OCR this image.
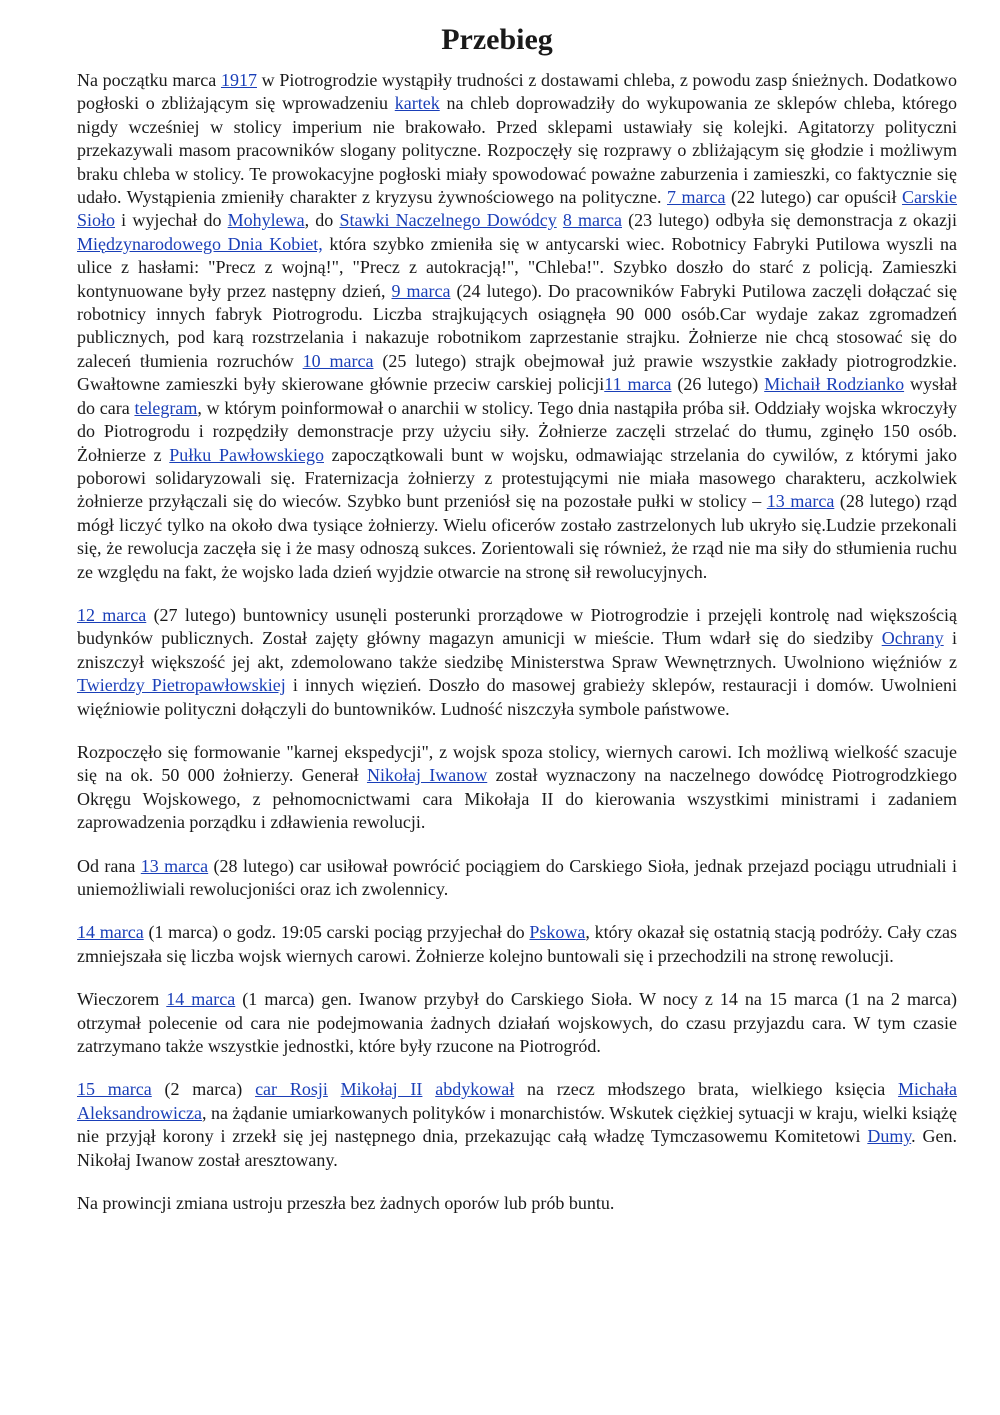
Przebieg

Na początku marca 1917 w Piotrogrodzie wystąpiły trudności z dostawami chleba, z powodu zasp śnieżnych. Dodatkowo pogłoski o zbliżającym się wprowadzeniu kartek na chleb doprowadziły do wykupowania ze sklepów chleba, którego nigdy wcześniej w stolicy imperium nie brakowało. Przed sklepami ustawiały się kolejki. Agitatorzy polityczni przekazywali masom pracowników slogany polityczne. Rozpoczęły się rozprawy o zbliżającym się głodzie i możliwym braku chleba w stolicy. Te prowokacyjne pogłoski miały spowodować poważne zaburzenia i zamieszki, co faktycznie się udało. Wystąpienia zmieniły charakter z kryzysu żywnościowego na polityczne. 7 marca (22 lutego) car opuścił Carskie Sioło i wyjechał do Mohylewa, do Stawki Naczelnego Dowódcy 8 marca (23 lutego) odbyła się demonstracja z okazji Międzynarodowego Dnia Kobiet, która szybko zmieniła się w antycarski wiec. Robotnicy Fabryki Putilowa wyszli na ulice z hasłami: "Precz z wojną!", "Precz z autokracją!", "Chleba!". Szybko doszło do starć z policją. Zamieszki kontynuowane były przez następny dzień, 9 marca (24 lutego). Do pracowników Fabryki Putilowa zaczęli dołączać się robotnicy innych fabryk Piotrogrodu. Liczba strajkujących osiągnęła 90 000 osób.Car wydaje zakaz zgromadzeń publicznych, pod karą rozstrzelania i nakazuje robotnikom zaprzestanie strajku. Żołnierze nie chcą stosować się do zaleceń tłumienia rozruchów 10 marca (25 lutego) strajk obejmował już prawie wszystkie zakłady piotrogrodzkie. Gwałtowne zamieszki były skierowane głównie przeciw carskiej policji11 marca (26 lutego) Michaił Rodzianko wysłał do cara telegram, w którym poinformował o anarchii w stolicy. Tego dnia nastąpiła próba sił. Oddziały wojska wkroczyły do Piotrogrodu i rozpędziły demonstracje przy użyciu siły. Żołnierze zaczęli strzelać do tłumu, zginęło 150 osób. Żołnierze z Pułku Pawłowskiego zapoczątkowali bunt w wojsku, odmawiając strzelania do cywilów, z którymi jako poborowi solidaryzowali się. Fraternizacja żołnierzy z protestującymi nie miała masowego charakteru, aczkolwiek żołnierze przyłączali się do wieców. Szybko bunt przeniósł się na pozostałe pułki w stolicy – 13 marca (28 lutego) rząd mógł liczyć tylko na około dwa tysiące żołnierzy. Wielu oficerów zostało zastrzelonych lub ukryło się.Ludzie przekonali się, że rewolucja zaczęła się i że masy odnoszą sukces. Zorientowali się również, że rząd nie ma siły do stłumienia ruchu ze względu na fakt, że wojsko lada dzień wyjdzie otwarcie na stronę sił rewolucyjnych.

12 marca (27 lutego) buntownicy usunęli posterunki prorządowe w Piotrogrodzie i przejęli kontrolę nad większością budynków publicznych. Został zajęty główny magazyn amunicji w mieście. Tłum wdarł się do siedziby Ochrany i zniszczył większość jej akt, zdemolowano także siedzibę Ministerstwa Spraw Wewnętrznych. Uwolniono więźniów z Twierdzy Pietropawłowskiej i innych więzień. Doszło do masowej grabieży sklepów, restauracji i domów. Uwolnieni więźniowie polityczni dołączyli do buntowników. Ludność niszczyła symbole państwowe.

Rozpoczęło się formowanie "karnej ekspedycji", z wojsk spoza stolicy, wiernych carowi. Ich możliwą wielkość szacuje się na ok. 50 000 żołnierzy. Generał Nikołaj Iwanow został wyznaczony na naczelnego dowódcę Piotrogrodzkiego Okręgu Wojskowego, z pełnomocnictwami cara Mikołaja II do kierowania wszystkimi ministrami i zadaniem zaprowadzenia porządku i zdławienia rewolucji.

Od rana 13 marca (28 lutego) car usiłował powrócić pociągiem do Carskiego Sioła, jednak przejazd pociągu utrudniali i uniemożliwiali rewolucjoniści oraz ich zwolennicy.

14 marca (1 marca) o godz. 19:05 carski pociąg przyjechał do Pskowa, który okazał się ostatnią stacją podróży. Cały czas zmniejszała się liczba wojsk wiernych carowi. Żołnierze kolejno buntowali się i przechodzili na stronę rewolucji.

Wieczorem 14 marca (1 marca) gen. Iwanow przybył do Carskiego Sioła. W nocy z 14 na 15 marca (1 na 2 marca) otrzymał polecenie od cara nie podejmowania żadnych działań wojskowych, do czasu przyjazdu cara. W tym czasie zatrzymano także wszystkie jednostki, które były rzucone na Piotrogród.

15 marca (2 marca) car Rosji Mikołaj II abdykował na rzecz młodszego brata, wielkiego księcia Michała Aleksandrowicza, na żądanie umiarkowanych polityków i monarchistów. Wskutek ciężkiej sytuacji w kraju, wielki książę nie przyjął korony i zrzekł się jej następnego dnia, przekazując całą władzę Tymczasowemu Komitetowi Dumy. Gen. Nikołaj Iwanow został aresztowany.

Na prowincji zmiana ustroju przeszła bez żadnych oporów lub prób buntu.
